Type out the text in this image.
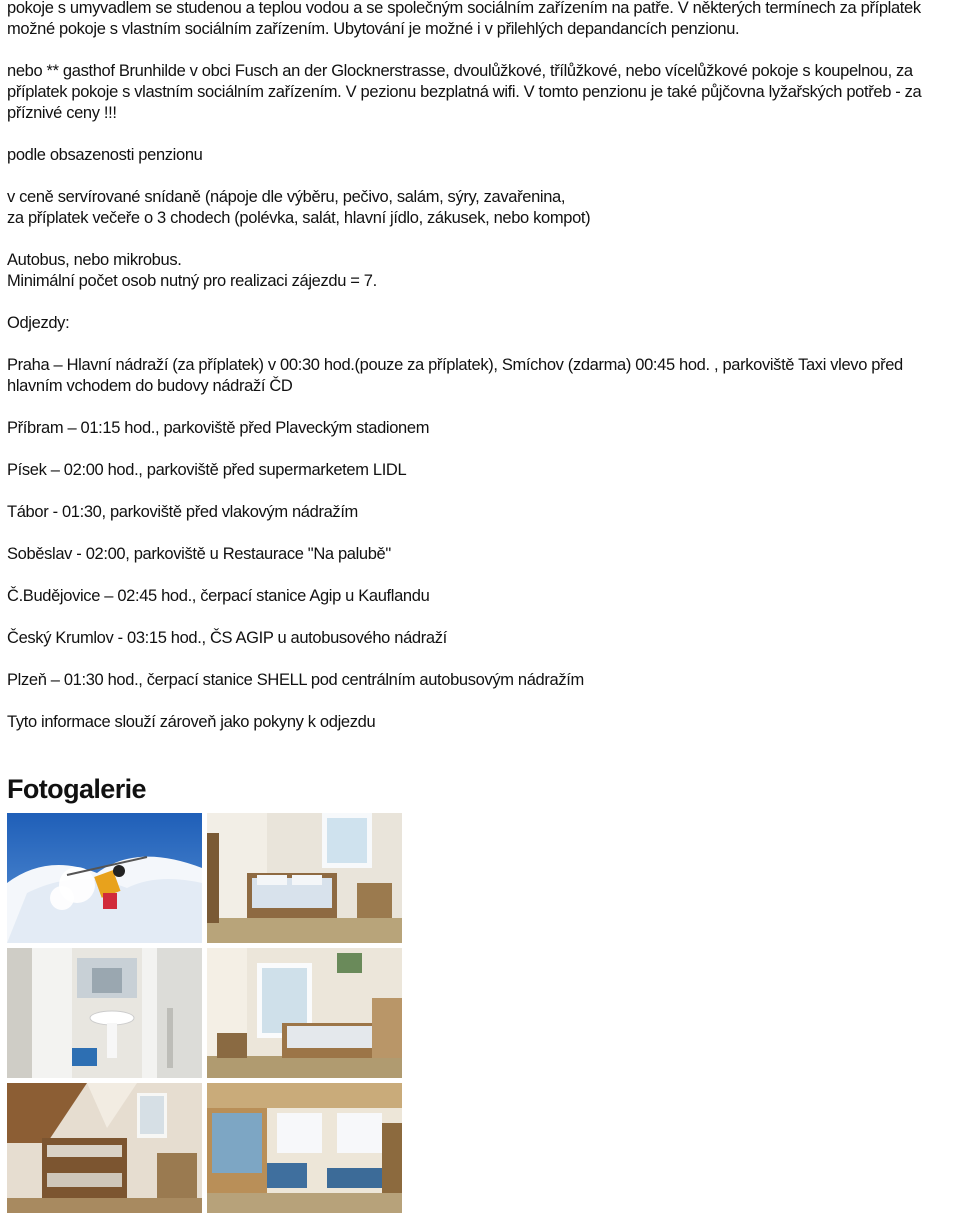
pokoje s umyvadlem se studenou a teplou vodou a se společným sociálním zařízením na patře. V některých termínech za příplatek možné pokoje s vlastním sociálním zařízením. Ubytování je možné i v přilehlých depandancích penzionu.

nebo ** gasthof Brunhilde v obci Fusch an der Glocknerstrasse, dvoulůžkové, třílůžkové, nebo vícelůžkové pokoje s koupelnou, za příplatek pokoje s vlastním sociálním zařízením. V pezionu bezplatná wifi. V tomto penzionu je také půjčovna lyžařských potřeb - za příznivé ceny !!!

podle obsazenosti penzionu

v ceně servírované snídaně (nápoje dle výběru, pečivo, salám, sýry, zavařenina,
za příplatek večeře o 3 chodech (polévka, salát, hlavní jídlo, zákusek, nebo kompot)

Autobus, nebo mikrobus.
Minimální počet osob nutný pro realizaci zájezdu = 7.

Odjezdy:

Praha – Hlavní nádraží (za příplatek) v 00:30 hod.(pouze za příplatek), Smíchov (zdarma) 00:45 hod. , parkoviště Taxi vlevo před hlavním vchodem do budovy nádraží ČD

Příbram – 01:15 hod., parkoviště před Plaveckým stadionem

Písek – 02:00 hod., parkoviště před supermarketem LIDL

Tábor - 01:30, parkoviště před vlakovým nádražím

Soběslav - 02:00, parkoviště u Restaurace "Na palubě"

Č.Budějovice – 02:45 hod., čerpací stanice Agip u Kauflandu

Český Krumlov - 03:15 hod., ČS AGIP u autobusového nádraží

Plzeň – 01:30 hod., čerpací stanice SHELL pod centrálním autobusovým nádražím

Tyto informace slouží zároveň jako pokyny k odjezdu

Fotogalerie
